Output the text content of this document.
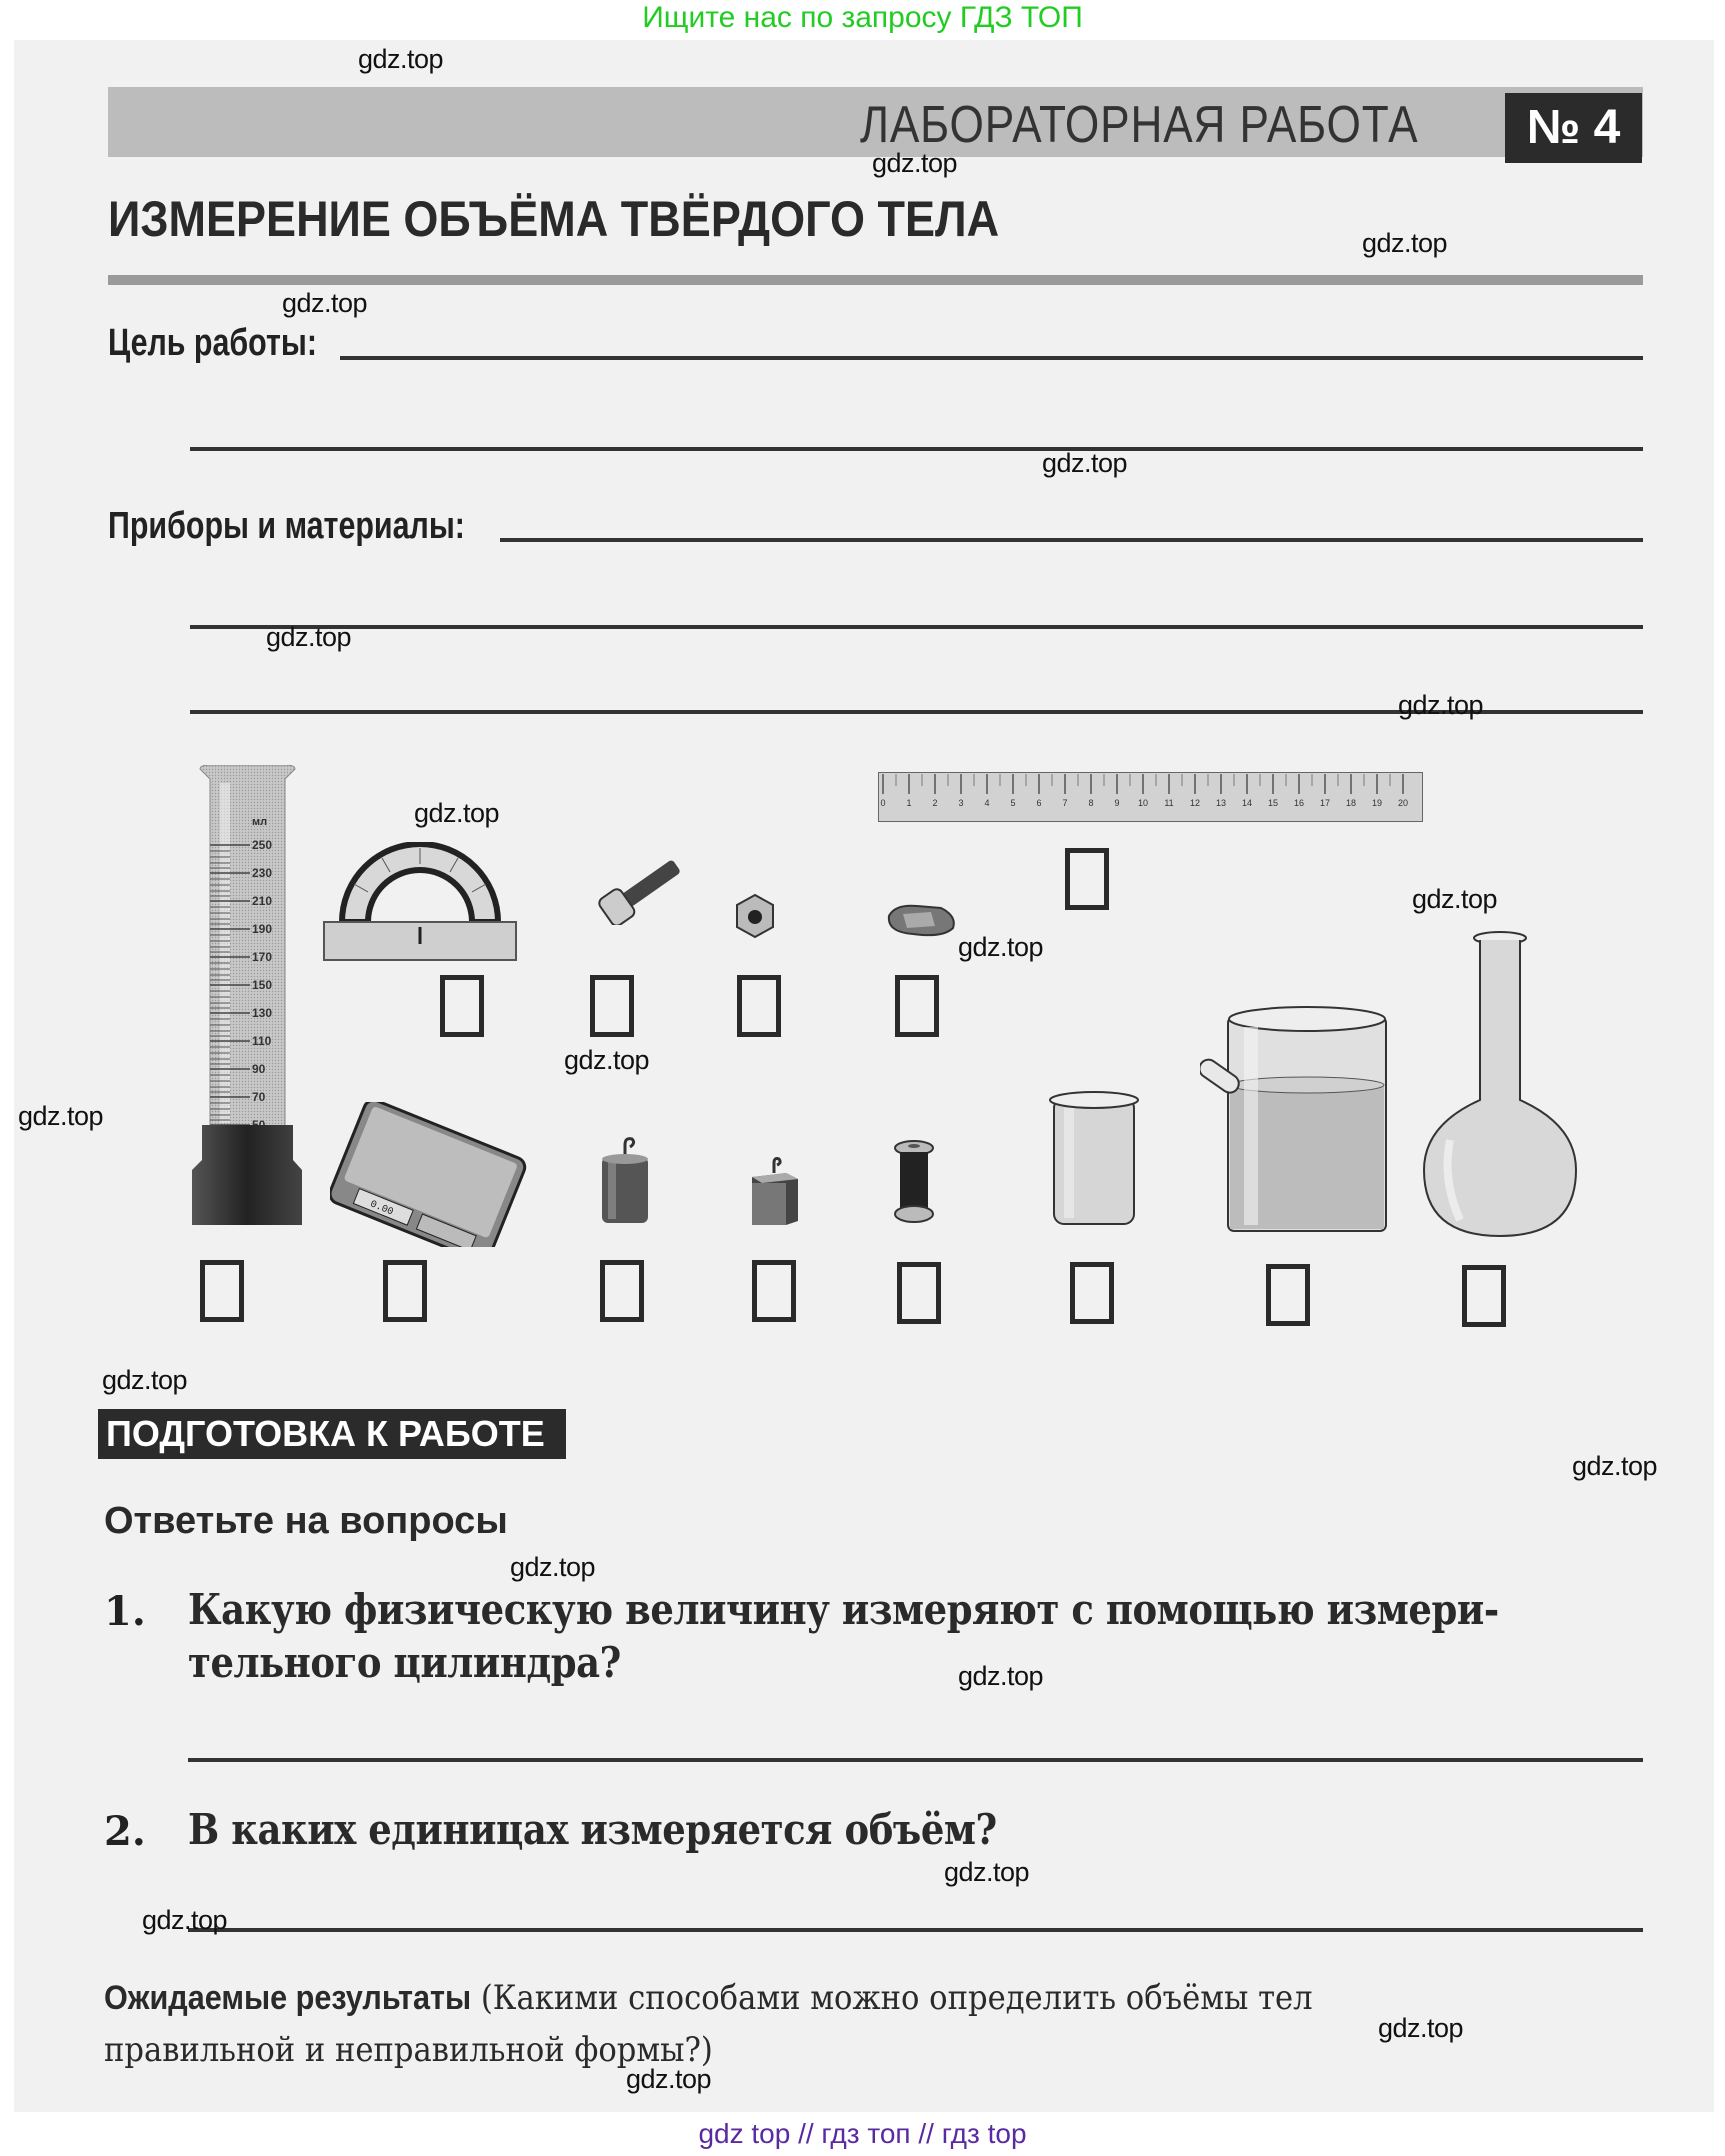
Ищите нас по запросу ГДЗ ТОП
ЛАБОРАТОРНАЯ РАБОТА	№ 4
ИЗМЕРЕНИЕ ОБЪЁМА ТВЁРДОГО ТЕЛА
Цель работы:
Приборы и материалы:
мл
250
230
210
190
170
150
130
110
90
70
0 1 2 3 4 5 6 7 8 9 10 11 12 13 14 15 16 17 18 19 20
0.00
ПОДГОТОВКА К РАБОТЕ
Ответьте на вопросы
1. Какую физическую величину измеряют с помощью измери-
тельного цилиндра?
2. В каких единицах измеряется объём?
Ожидаемые результаты (Какими способами можно определить объёмы тел
правильной и неправильной формы?)
gdz.top
gdz.top
gdz.top
gdz.top
gdz.top
gdz.top
gdz.top
gdz.top
gdz.top
gdz.top
gdz.top
gdz.top
gdz.top
gdz.top
gdz.top
gdz.top
gdz.top
gdz.top
gdz.top
gdz.top
gdz top // гдз топ // гдз top
